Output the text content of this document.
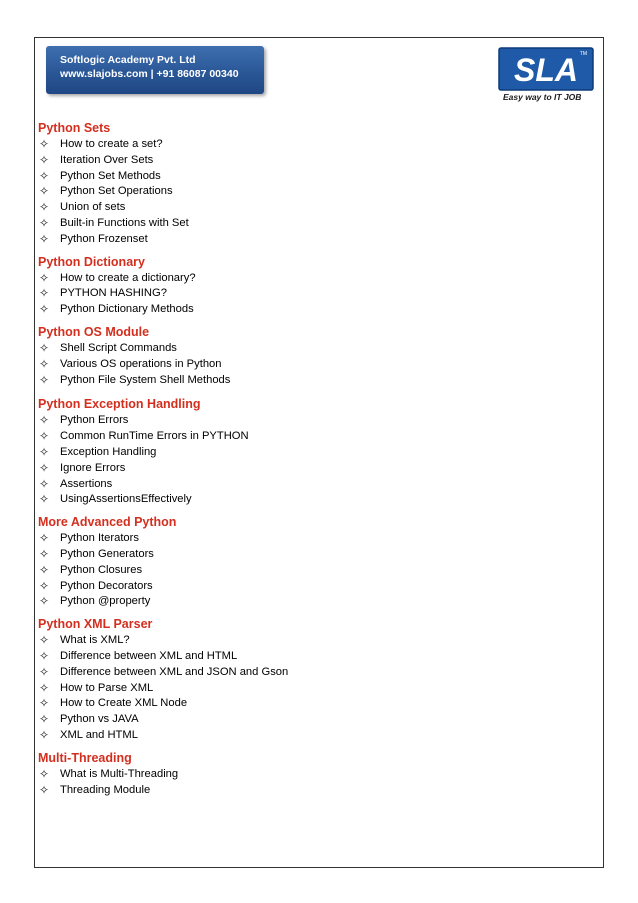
Softlogic Academy Pvt. Ltd
www.slajobs.com | +91 86087 00340	SLA TM
Easy way to IT JOB
Python Sets
✧ How to create a set?
✧ Iteration Over Sets
✧ Python Set Methods
✧ Python Set Operations
✧ Union of sets
✧ Built-in Functions with Set
✧ Python Frozenset
Python Dictionary
✧ How to create a dictionary?
✧ PYTHON HASHING?
✧ Python Dictionary Methods
Python OS Module
✧ Shell Script Commands
✧ Various OS operations in Python
✧ Python File System Shell Methods
Python Exception Handling
✧ Python Errors
✧ Common RunTime Errors in PYTHON
✧ Exception Handling
✧ Ignore Errors
✧ Assertions
✧ UsingAssertionsEffectively
More Advanced Python
✧ Python Iterators
✧ Python Generators
✧ Python Closures
✧ Python Decorators
✧ Python @property
Python XML Parser
✧ What is XML?
✧ Difference between XML and HTML
✧ Difference between XML and JSON and Gson
✧ How to Parse XML
✧ How to Create XML Node
✧ Python vs JAVA
✧ XML and HTML
Multi-Threading
✧ What is Multi-Threading
✧ Threading Module
